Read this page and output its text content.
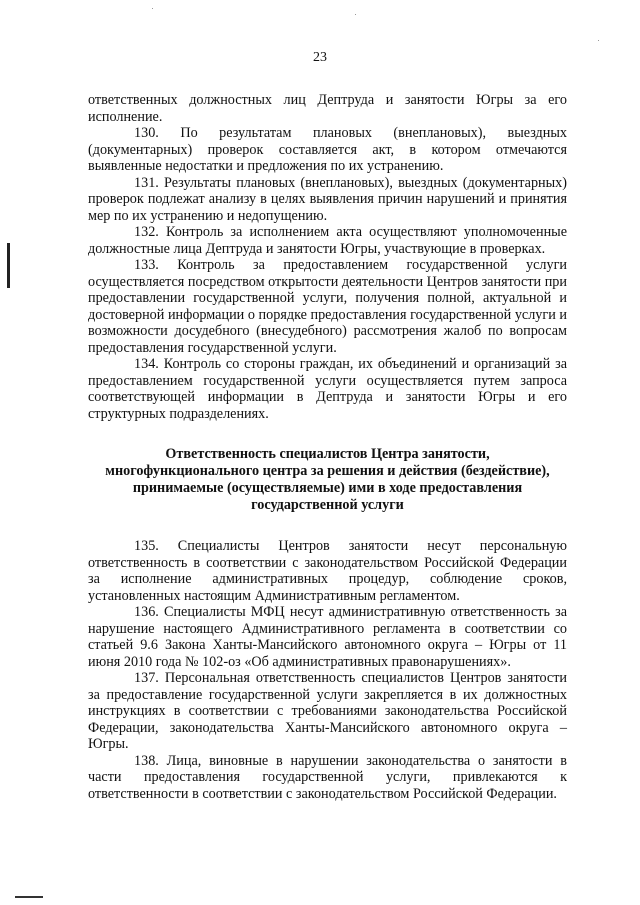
23

ответственных должностных лиц Дептруда и занятости Югры за его исполнение.

130. По результатам плановых (внеплановых), выездных (документарных) проверок составляется акт, в котором отмечаются выявленные недостатки и предложения по их устранению.

131. Результаты плановых (внеплановых), выездных (документарных) проверок подлежат анализу в целях выявления причин нарушений и принятия мер по их устранению и недопущению.

132. Контроль за исполнением акта осуществляют уполномоченные должностные лица Дептруда и занятости Югры, участвующие в проверках.

133. Контроль за предоставлением государственной услуги осуществляется посредством открытости деятельности Центров занятости при предоставлении государственной услуги, получения полной, актуальной и достоверной информации о порядке предоставления государственной услуги и возможности досудебного (внесудебного) рассмотрения жалоб по вопросам предоставления государственной услуги.

134. Контроль со стороны граждан, их объединений и организаций за предоставлением государственной услуги осуществляется путем запроса соответствующей информации в Дептруда и занятости Югры и его структурных подразделениях.

Ответственность специалистов Центра занятости,
многофункционального центра за решения и действия (бездействие),
принимаемые (осуществляемые) ими в ходе предоставления
государственной услуги

135. Специалисты Центров занятости несут персональную ответственность в соответствии с законодательством Российской Федерации за исполнение административных процедур, соблюдение сроков, установленных настоящим Административным регламентом.

136. Специалисты МФЦ несут административную ответственность за нарушение настоящего Административного регламента в соответствии со статьей 9.6 Закона Ханты-Мансийского автономного округа – Югры от 11 июня 2010 года № 102-оз «Об административных правонарушениях».

137. Персональная ответственность специалистов Центров занятости за предоставление государственной услуги закрепляется в их должностных инструкциях в соответствии с требованиями законодательства Российской Федерации, законодательства Ханты-Мансийского автономного округа – Югры.

138. Лица, виновные в нарушении законодательства о занятости в части предоставления государственной услуги, привлекаются к ответственности в соответствии с законодательством Российской Федерации.
